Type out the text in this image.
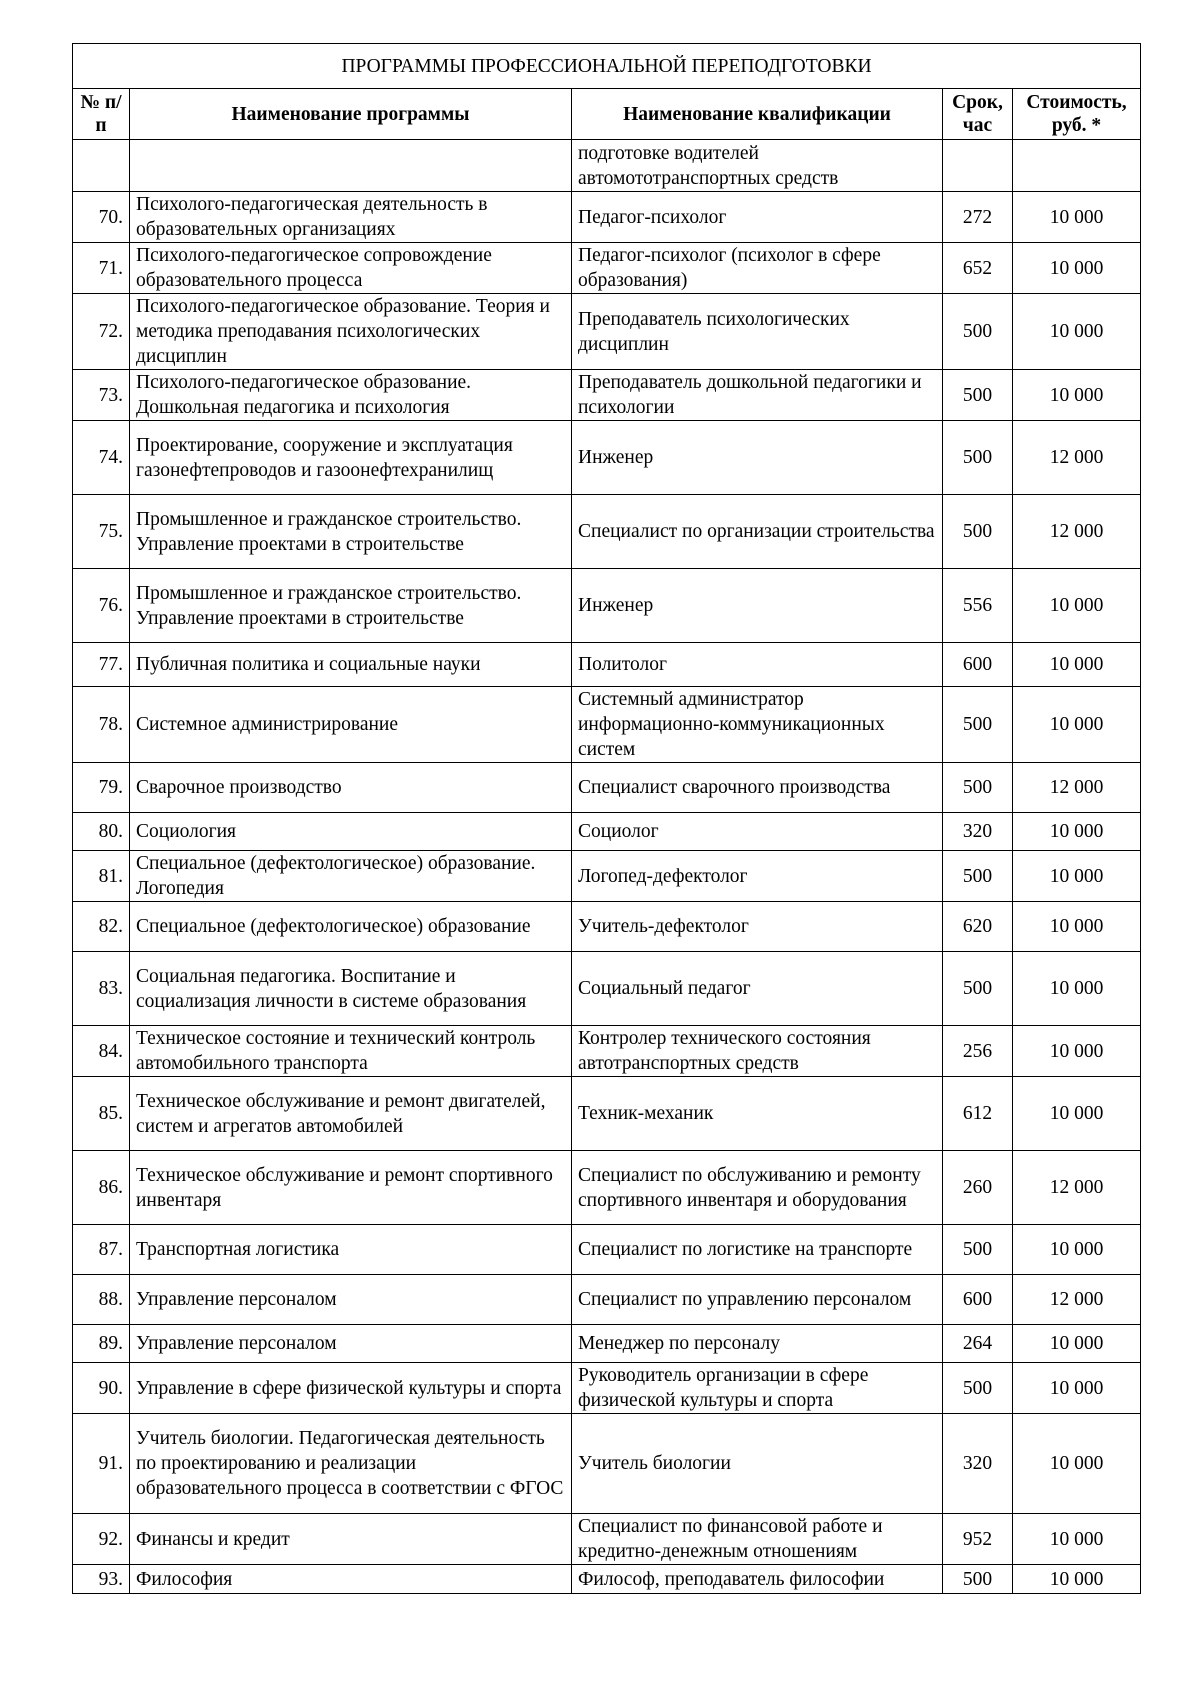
ПРОГРАММЫ ПРОФЕССИОНАЛЬНОЙ ПЕРЕПОДГОТОВКИ				
№ п/п	Наименование программы	Наименование квалификации	Срок, час	Стоимость, руб. *
		подготовке водителей автомототранспортных средств		
70.	Психолого-педагогическая деятельность в образовательных организациях	Педагог-психолог	272	10 000
71.	Психолого-педагогическое сопровождение образовательного процесса	Педагог-психолог (психолог в сфере образования)	652	10 000
72.	Психолого-педагогическое образование. Теория и методика преподавания психологических дисциплин	Преподаватель психологических дисциплин	500	10 000
73.	Психолого-педагогическое образование. Дошкольная педагогика и психология	Преподаватель дошкольной педагогики и психологии	500	10 000
74.	Проектирование, сооружение и эксплуатация газонефтепроводов и газоонефтехранилищ	Инженер	500	12 000
75.	Промышленное и гражданское строительство. Управление проектами в строительстве	Специалист по организации строительства	500	12 000
76.	Промышленное и гражданское строительство. Управление проектами в строительстве	Инженер	556	10 000
77.	Публичная политика и социальные науки	Политолог	600	10 000
78.	Системное администрирование	Системный администратор информационно-коммуникационных систем	500	10 000
79.	Сварочное производство	Специалист сварочного производства	500	12 000
80.	Социология	Социолог	320	10 000
81.	Специальное (дефектологическое) образование. Логопедия	Логопед-дефектолог	500	10 000
82.	Специальное (дефектологическое) образование	Учитель-дефектолог	620	10 000
83.	Социальная педагогика. Воспитание и социализация личности в системе образования	Социальный педагог	500	10 000
84.	Техническое состояние и технический контроль автомобильного транспорта	Контролер технического состояния автотранспортных средств	256	10 000
85.	Техническое обслуживание и ремонт двигателей, систем и агрегатов автомобилей	Техник-механик	612	10 000
86.	Техническое обслуживание и ремонт спортивного инвентаря	Специалист по обслуживанию и ремонту спортивного инвентаря и оборудования	260	12 000
87.	Транспортная логистика	Специалист по логистике на транспорте	500	10 000
88.	Управление персоналом	Специалист по управлению персоналом	600	12 000
89.	Управление персоналом	Менеджер по персоналу	264	10 000
90.	Управление в сфере физической культуры и спорта	Руководитель организации в сфере физической культуры и спорта	500	10 000
91.	Учитель биологии. Педагогическая деятельность по проектированию и реализации образовательного процесса в соответствии с ФГОС	Учитель биологии	320	10 000
92.	Финансы и кредит	Специалист по финансовой работе и кредитно-денежным отношениям	952	10 000
93.	Философия	Философ, преподаватель философии	500	10 000
